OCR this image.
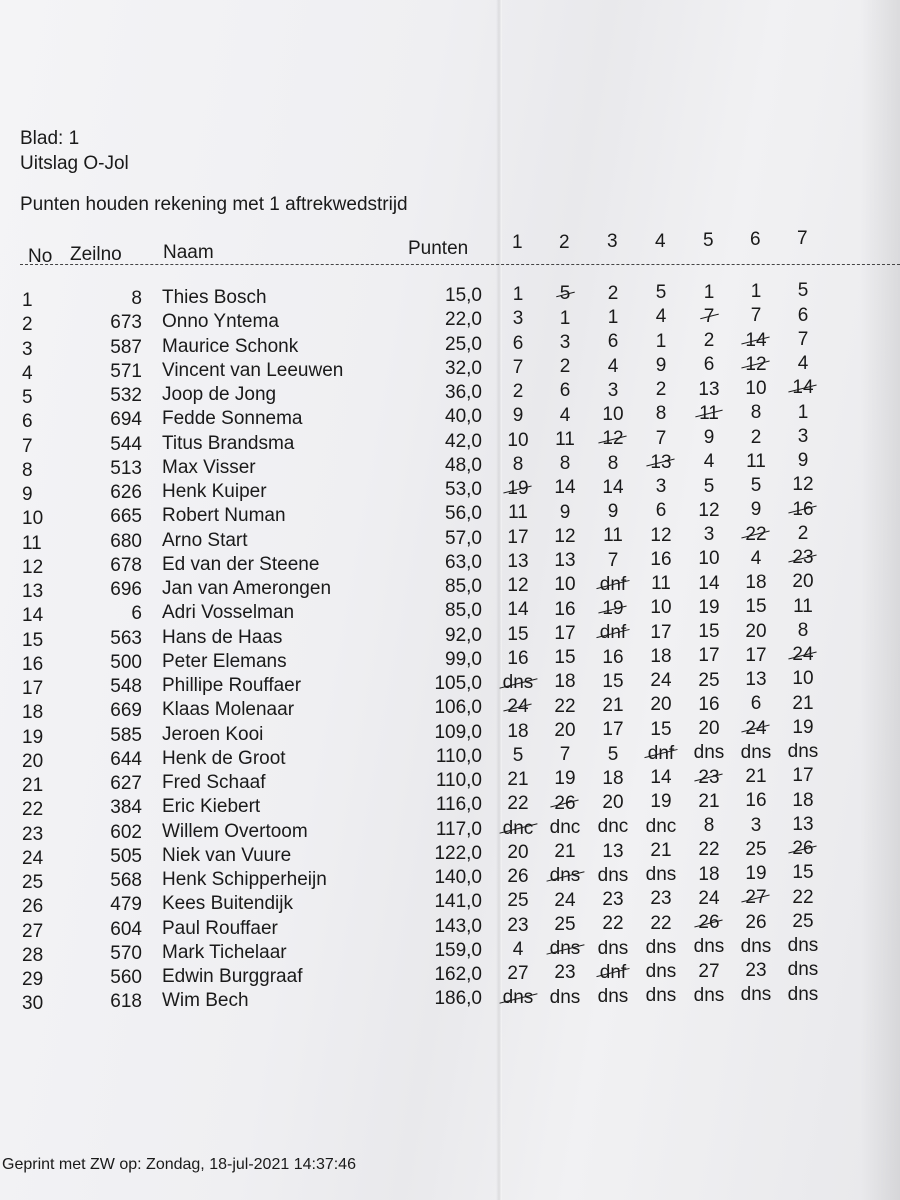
Blad: 1
Uitslag O-Jol
Punten houden rekening met 1 aftrekwedstrijd
No Zeilno Naam	Punten 1 2 3 4 5 6 7
1	8 Thies Bosch	15,0	1	5	2	5	1	1	5
2	673 Onno Yntema	22,0	3	1	1	4	7	7	6
3	587 Maurice Schonk	25,0	6	3	6	1	2	14	7
4	571 Vincent van Leeuwen	32,0	7	2	4	9	6	12	4
5	532 Joop de Jong	36,0	2	6	3	2	13	10	14
6	694 Fedde Sonnema	40,0	9	4	10	8	11	8	1
7	544 Titus Brandsma	42,0	10	11	12	7	9	2	3
8	513 Max Visser	48,0	8	8	8	13	4	11	9
9	626 Henk Kuiper	53,0	19	14	14	3	5	5	12
10	665 Robert Numan	56,0	11	9	9	6	12	9	16
11	680 Arno Start	57,0	17	12	11	12	3	22	2
12	678 Ed van der Steene	63,0	13	13	7	16	10	4	23
13	696 Jan van Amerongen	85,0	12	10	dnf	11	14	18	20
14	6 Adri Vosselman	85,0	14	16	19	10	19	15	11
15	563 Hans de Haas	92,0	15	17	dnf	17	15	20	8
16	500 Peter Elemans	99,0	16	15	16	18	17	17	24
17	548 Phillipe Rouffaer	105,0	dns	18	15	24	25	13	10
18	669 Klaas Molenaar	106,0	24	22	21	20	16	6	21
19	585 Jeroen Kooi	109,0	18	20	17	15	20	24	19
20	644 Henk de Groot	110,0	5	7	5	dnf	dns dns dns
21	627 Fred Schaaf	110,0	21	19	18	14	23	21	17
22	384 Eric Kiebert	116,0	22	26	20	19	21	16	18
23	602 Willem Overtoom	117,0	dnc dnc dnc dnc	8	3	13
24	505 Niek van Vuure	122,0	20	21	13	21	22	25	26
25	568 Henk Schipperheijn	140,0	26	dns dns dns	18	19	15
26	479 Kees Buitendijk	141,0	25	24	23	23	24	27	22
27	604 Paul Rouffaer	143,0	23	25	22	22	26	26	25
28	570 Mark Tichelaar	159,0	4	dns dns dns dns dns dns
29	560 Edwin Burggraaf	162,0	27	23	dnf	dns	27	23	dns
30	618 Wim Bech	186,0	dns dns dns dns dns dns dns
Geprint met ZW op: Zondag, 18-jul-2021 14:37:46
